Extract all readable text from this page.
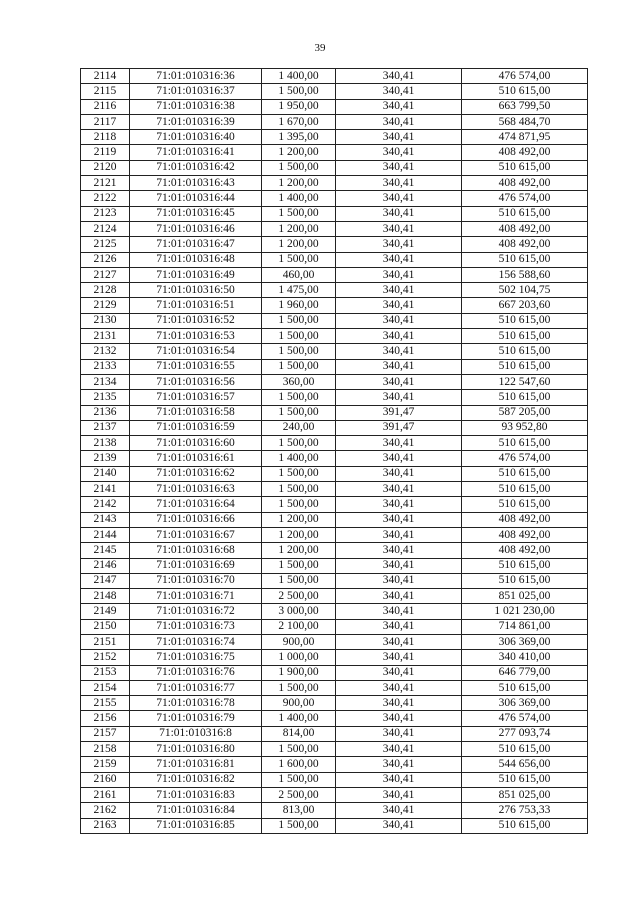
39
2114	71:01:010316:36	1 400,00	340,41	476 574,00
2115	71:01:010316:37	1 500,00	340,41	510 615,00
2116	71:01:010316:38	1 950,00	340,41	663 799,50
2117	71:01:010316:39	1 670,00	340,41	568 484,70
2118	71:01:010316:40	1 395,00	340,41	474 871,95
2119	71:01:010316:41	1 200,00	340,41	408 492,00
2120	71:01:010316:42	1 500,00	340,41	510 615,00
2121	71:01:010316:43	1 200,00	340,41	408 492,00
2122	71:01:010316:44	1 400,00	340,41	476 574,00
2123	71:01:010316:45	1 500,00	340,41	510 615,00
2124	71:01:010316:46	1 200,00	340,41	408 492,00
2125	71:01:010316:47	1 200,00	340,41	408 492,00
2126	71:01:010316:48	1 500,00	340,41	510 615,00
2127	71:01:010316:49	460,00	340,41	156 588,60
2128	71:01:010316:50	1 475,00	340,41	502 104,75
2129	71:01:010316:51	1 960,00	340,41	667 203,60
2130	71:01:010316:52	1 500,00	340,41	510 615,00
2131	71:01:010316:53	1 500,00	340,41	510 615,00
2132	71:01:010316:54	1 500,00	340,41	510 615,00
2133	71:01:010316:55	1 500,00	340,41	510 615,00
2134	71:01:010316:56	360,00	340,41	122 547,60
2135	71:01:010316:57	1 500,00	340,41	510 615,00
2136	71:01:010316:58	1 500,00	391,47	587 205,00
2137	71:01:010316:59	240,00	391,47	93 952,80
2138	71:01:010316:60	1 500,00	340,41	510 615,00
2139	71:01:010316:61	1 400,00	340,41	476 574,00
2140	71:01:010316:62	1 500,00	340,41	510 615,00
2141	71:01:010316:63	1 500,00	340,41	510 615,00
2142	71:01:010316:64	1 500,00	340,41	510 615,00
2143	71:01:010316:66	1 200,00	340,41	408 492,00
2144	71:01:010316:67	1 200,00	340,41	408 492,00
2145	71:01:010316:68	1 200,00	340,41	408 492,00
2146	71:01:010316:69	1 500,00	340,41	510 615,00
2147	71:01:010316:70	1 500,00	340,41	510 615,00
2148	71:01:010316:71	2 500,00	340,41	851 025,00
2149	71:01:010316:72	3 000,00	340,41	1 021 230,00
2150	71:01:010316:73	2 100,00	340,41	714 861,00
2151	71:01:010316:74	900,00	340,41	306 369,00
2152	71:01:010316:75	1 000,00	340,41	340 410,00
2153	71:01:010316:76	1 900,00	340,41	646 779,00
2154	71:01:010316:77	1 500,00	340,41	510 615,00
2155	71:01:010316:78	900,00	340,41	306 369,00
2156	71:01:010316:79	1 400,00	340,41	476 574,00
2157	71:01:010316:8	814,00	340,41	277 093,74
2158	71:01:010316:80	1 500,00	340,41	510 615,00
2159	71:01:010316:81	1 600,00	340,41	544 656,00
2160	71:01:010316:82	1 500,00	340,41	510 615,00
2161	71:01:010316:83	2 500,00	340,41	851 025,00
2162	71:01:010316:84	813,00	340,41	276 753,33
2163	71:01:010316:85	1 500,00	340,41	510 615,00
